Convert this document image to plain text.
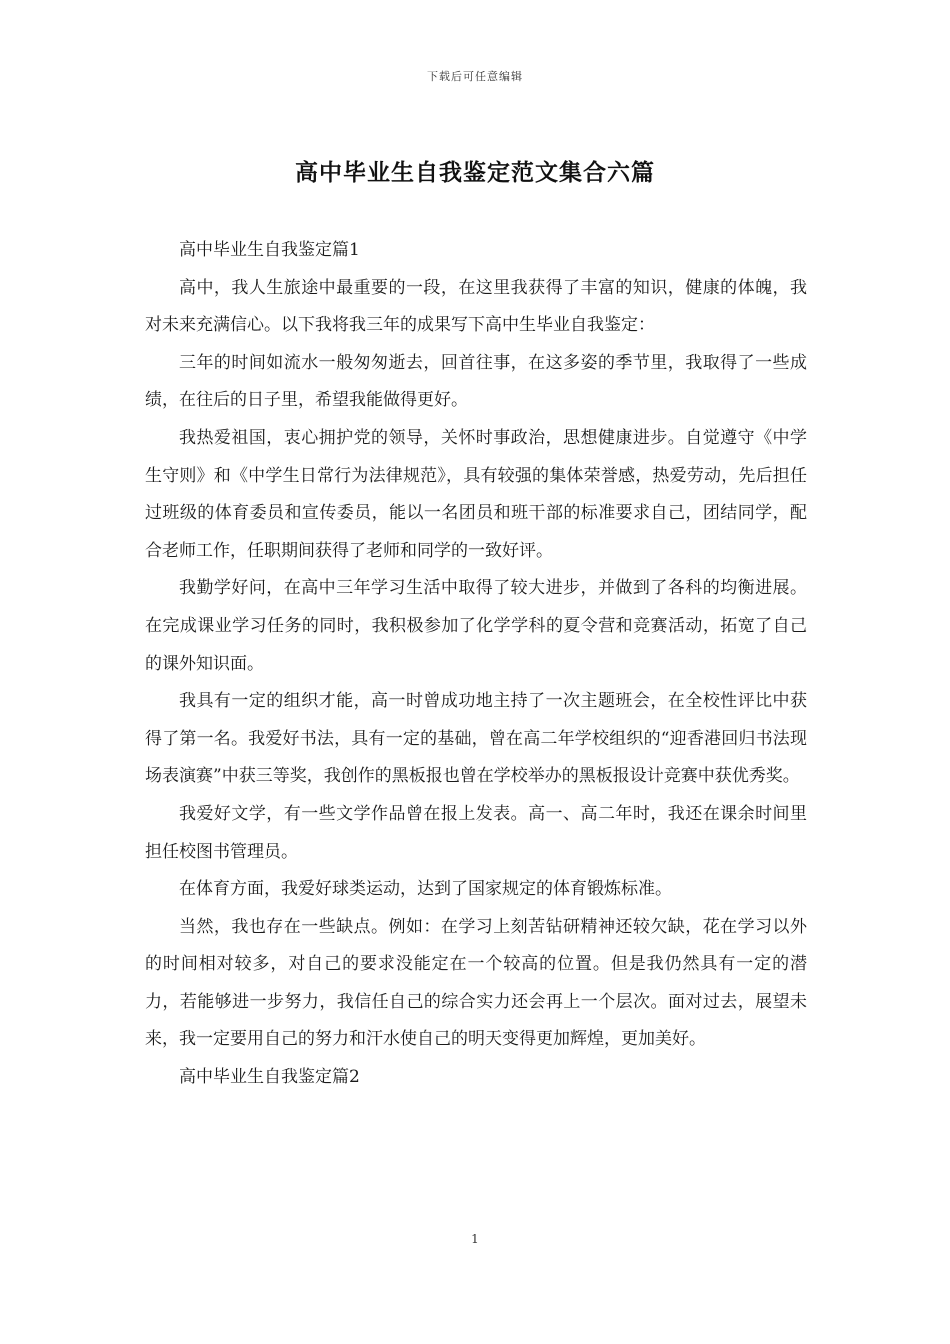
下载后可任意编辑
高中毕业生自我鉴定范文集合六篇

高中毕业生自我鉴定篇1

高中，我人生旅途中最重要的一段，在这里我获得了丰富的知识，健康的体魄，我对未来充满信心。以下我将我三年的成果写下高中生毕业自我鉴定：

三年的时间如流水一般匆匆逝去，回首往事，在这多姿的季节里，我取得了一些成绩，在往后的日子里，希望我能做得更好。

我热爱祖国，衷心拥护党的领导，关怀时事政治，思想健康进步。自觉遵守《中学生守则》和《中学生日常行为法律规范》，具有较强的集体荣誉感，热爱劳动，先后担任过班级的体育委员和宣传委员，能以一名团员和班干部的标准要求自己，团结同学，配合老师工作，任职期间获得了老师和同学的一致好评。

我勤学好问，在高中三年学习生活中取得了较大进步，并做到了各科的均衡进展。在完成课业学习任务的同时，我积极参加了化学学科的夏令营和竞赛活动，拓宽了自己的课外知识面。

我具有一定的组织才能，高一时曾成功地主持了一次主题班会，在全校性评比中获得了第一名。我爱好书法，具有一定的基础，曾在高二年学校组织的“迎香港回归书法现场表演赛”中获三等奖，我创作的黑板报也曾在学校举办的黑板报设计竞赛中获优秀奖。

我爱好文学，有一些文学作品曾在报上发表。高一、高二年时，我还在课余时间里担任校图书管理员。

在体育方面，我爱好球类运动，达到了国家规定的体育锻炼标准。

当然，我也存在一些缺点。例如：在学习上刻苦钻研精神还较欠缺，花在学习以外的时间相对较多，对自己的要求没能定在一个较高的位置。但是我仍然具有一定的潜力，若能够进一步努力，我信任自己的综合实力还会再上一个层次。面对过去，展望未来，我一定要用自己的努力和汗水使自己的明天变得更加辉煌，更加美好。

高中毕业生自我鉴定篇2

1
